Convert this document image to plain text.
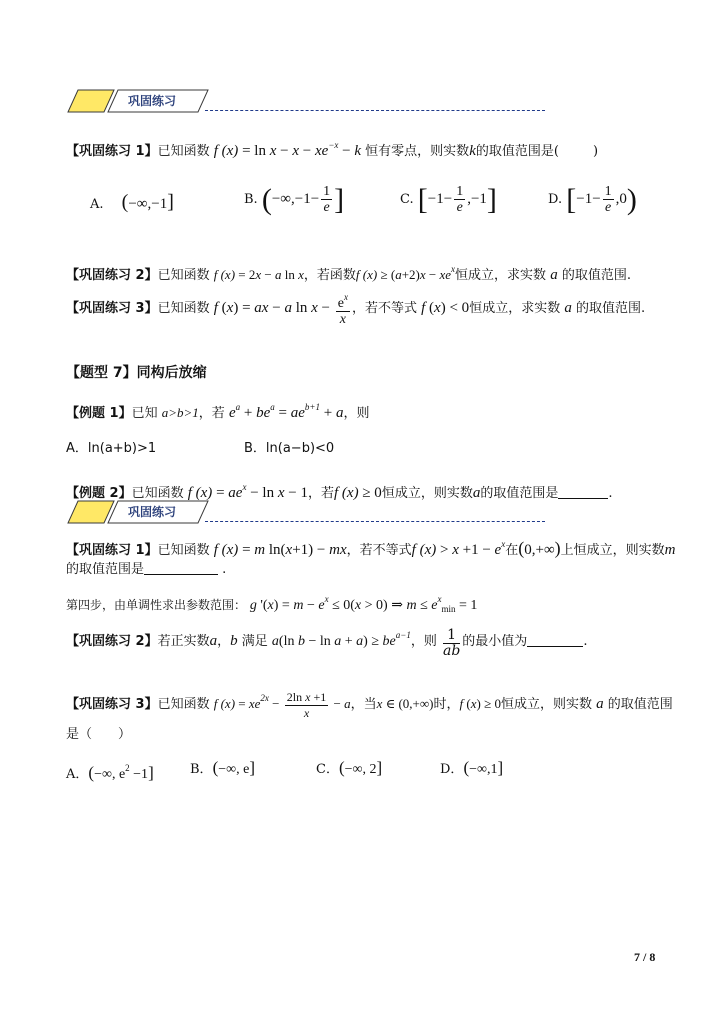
巩固练习
【巩固练习 1】已知函数 f $(x) = \ln x - x - xe^{-x} - k$ 恒有零点，则实数k的取值范围是(	)
A. (−∞,−1]	B. ($-\infty,-1- \frac{1}{e}$ ]	C. $[-1- \frac{1}{e} ,-1]$	D. $[-1- \frac{1}{e} ,0)$
【巩固练习 2】已知函数 f (x) = 2x − a ln x，若函数f $(x) \ge (a+2)x - xe^x$恒成立，求实数 a 的取值范围.
【巩固练习 3】已知函数 f (x) = ax − a $\ln x - \frac{e^x}{x}$ ，若不等式 f (x) < 0恒成立，求实数 a 的取值范围.
【题型 7】同构后放缩
【例题 1】已知 a>b>1，若 $e^a + be^a = ae^{b+1} + a$，则
A．ln(a+b)>1	B．ln(a−b)<0
【例题 2】已知函数 f $(x) = ae^x - \ln x - 1$，若f (x) ≥ 0恒成立，则实数a的取值范围是	.
巩固练习
【巩固练习 1】已知函数 f (x) = m ln(x+1) − mx，若不等式f $(x) > x +1 - e^x$在(0,+∞)上恒成立，则实数m
的取值范围是	.
第四步，由单调性求出参数范围： g '$(x) = m - e^x \le 0(x > 0)$ ⇒ $m \le e^x_{min} = 1$
【巩固练习 2】若正实数a，b 满足 a(ln $b - \ln a + a) \ge be^{a-1}$，则 $\frac{1}{ab}$ 的最小值为	.
【巩固练习 3】已知函数 f $(x) = xe^{2x} - \frac{\text{2ln x +1}}{x} - a$，当x ∈ (0,+∞)时，f (x) ≥ 0恒成立，则实数 a 的取值范围
是（　　）
A．(−∞, $e^2 -1$]	B．(−∞, e]	C．(−∞, 2]	D．(−∞,1]
7 / 8
